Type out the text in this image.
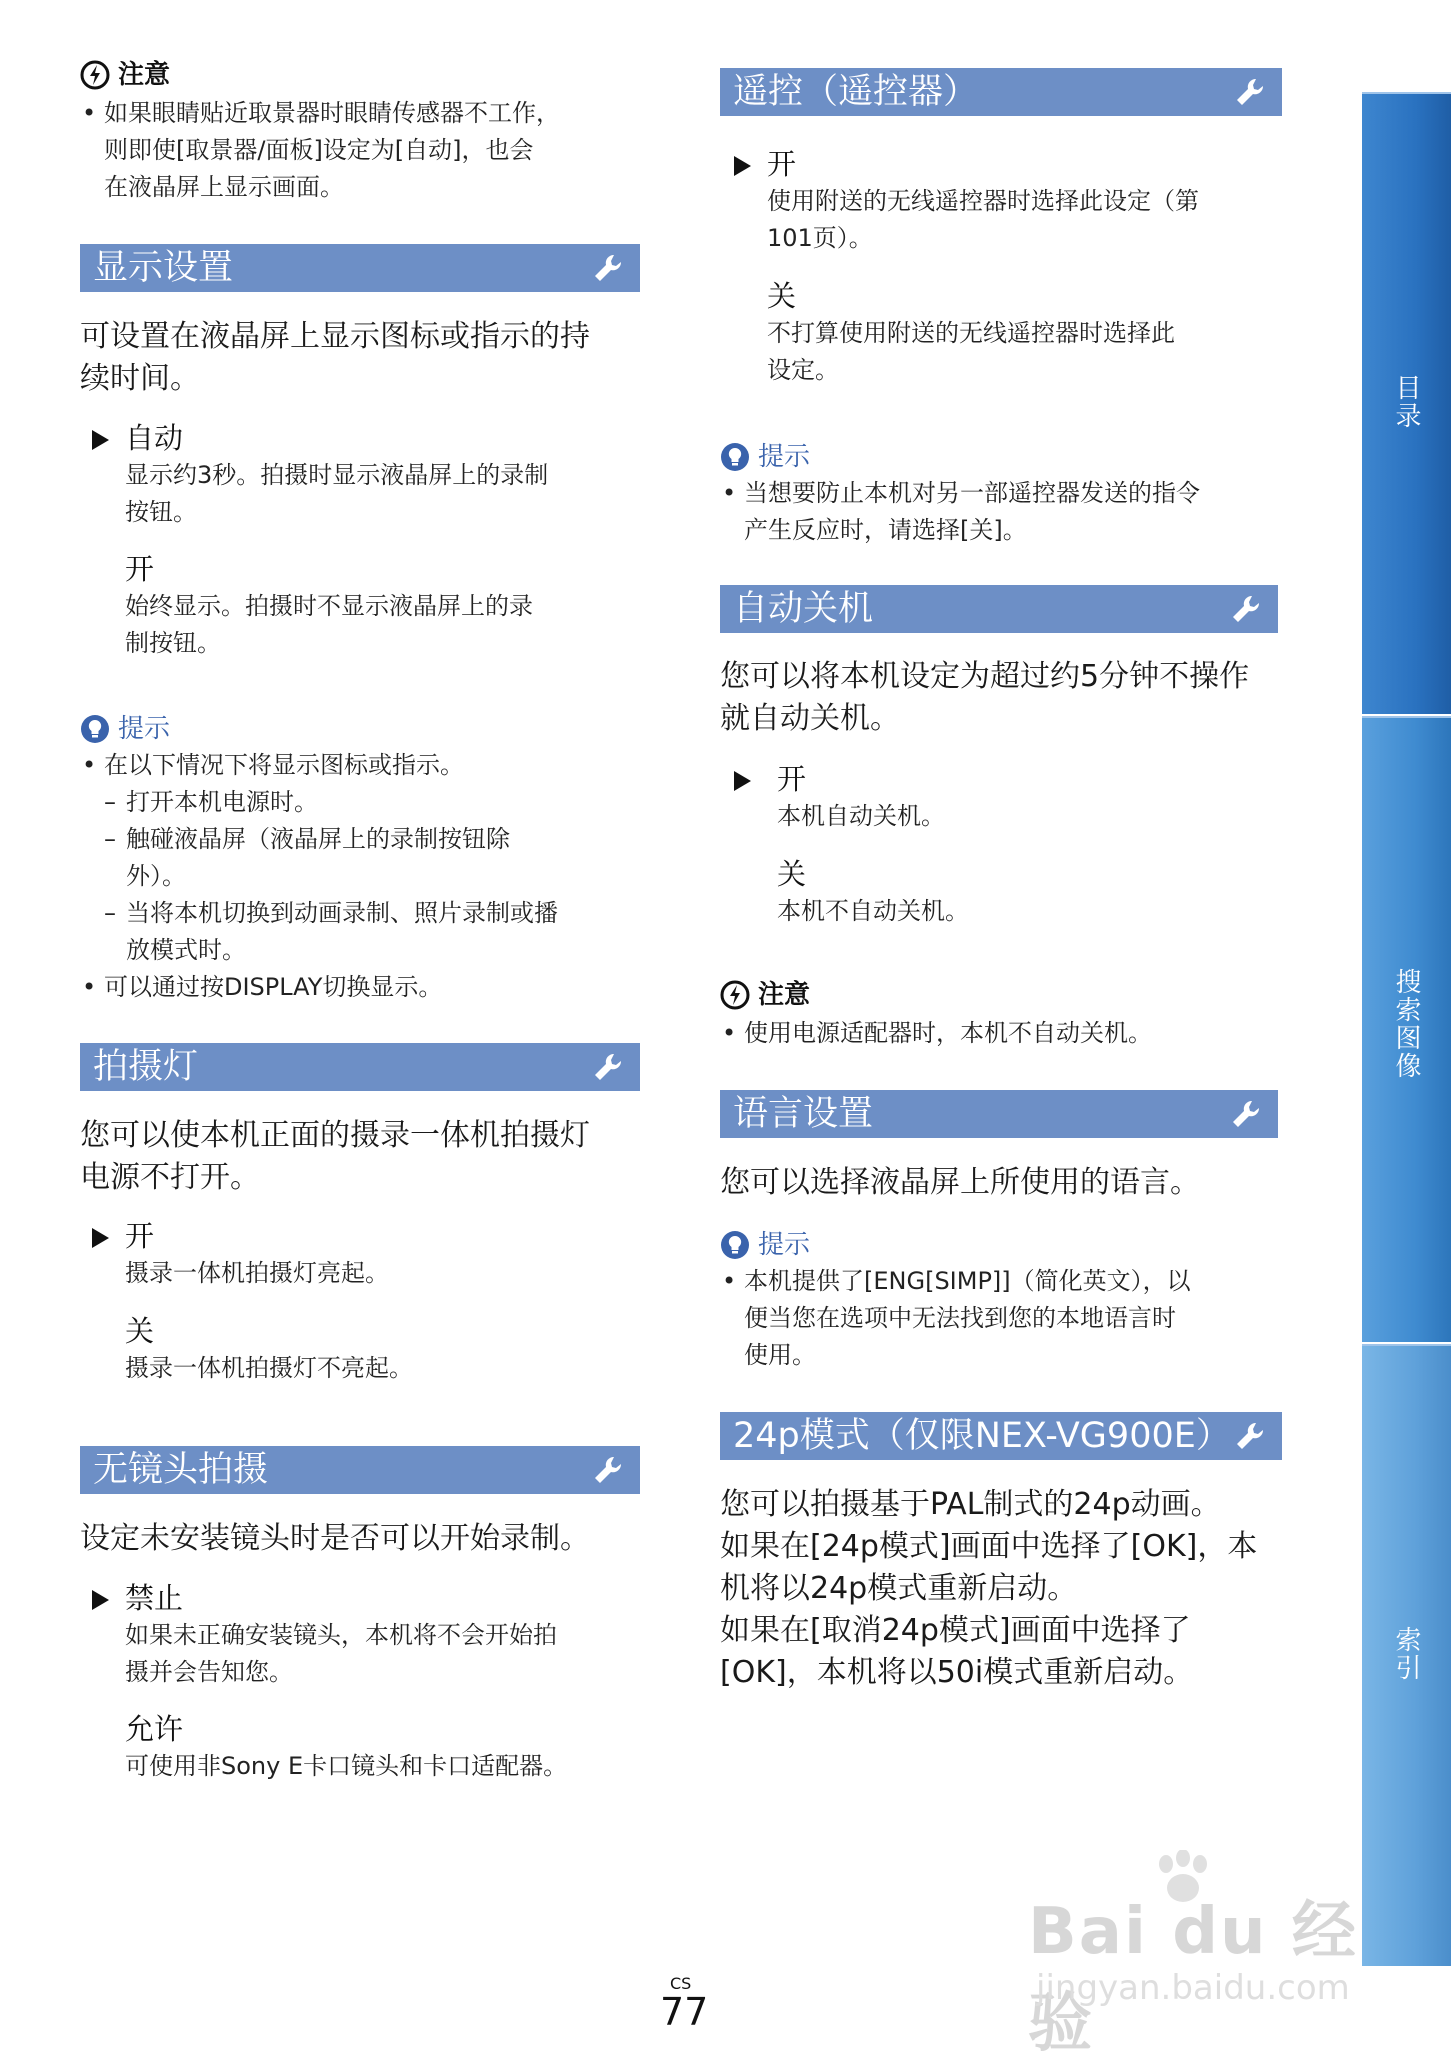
注意
• 如果眼睛贴近取景器时眼睛传感器不工作，
则即使[取景器/面板]设定为[自动]，也会
在液晶屏上显示画面。
显示设置
可设置在液晶屏上显示图标或指示的持
续时间。
自动
显示约3秒。拍摄时显示液晶屏上的录制
按钮。
开
始终显示。拍摄时不显示液晶屏上的录
制按钮。
提示
• 在以下情况下将显示图标或指示。
– 打开本机电源时。
– 触碰液晶屏（液晶屏上的录制按钮除
外）。
– 当将本机切换到动画录制、照片录制或播
放模式时。
• 可以通过按DISPLAY切换显示。
拍摄灯
您可以使本机正面的摄录一体机拍摄灯
电源不打开。
开
摄录一体机拍摄灯亮起。
关
摄录一体机拍摄灯不亮起。
无镜头拍摄
设定未安装镜头时是否可以开始录制。
禁止
如果未正确安装镜头，本机将不会开始拍
摄并会告知您。
允许
可使用非Sony E卡口镜头和卡口适配器。
遥控（遥控器）
开
使用附送的无线遥控器时选择此设定（第
101页）。
关
不打算使用附送的无线遥控器时选择此
设定。
提示
• 当想要防止本机对另一部遥控器发送的指令
产生反应时，请选择[关]。
自动关机
您可以将本机设定为超过约5分钟不操作
就自动关机。
开
本机自动关机。
关
本机不自动关机。
注意
• 使用电源适配器时，本机不自动关机。
语言设置
您可以选择液晶屏上所使用的语言。
提示
• 本机提供了[ENG[SIMP]]（简化英文），以
便当您在选项中无法找到您的本地语言时
使用。
24p模式（仅限NEX-VG900E）
您可以拍摄基于PAL制式的24p动画。
如果在[24p模式]画面中选择了[OK]，本
机将以24p模式重新启动。
如果在[取消24p模式]画面中选择了
[OK]，本机将以50i模式重新启动。
目录
搜索图像
索引
CS
77
Bai du 经验
jingyan.baidu.com
